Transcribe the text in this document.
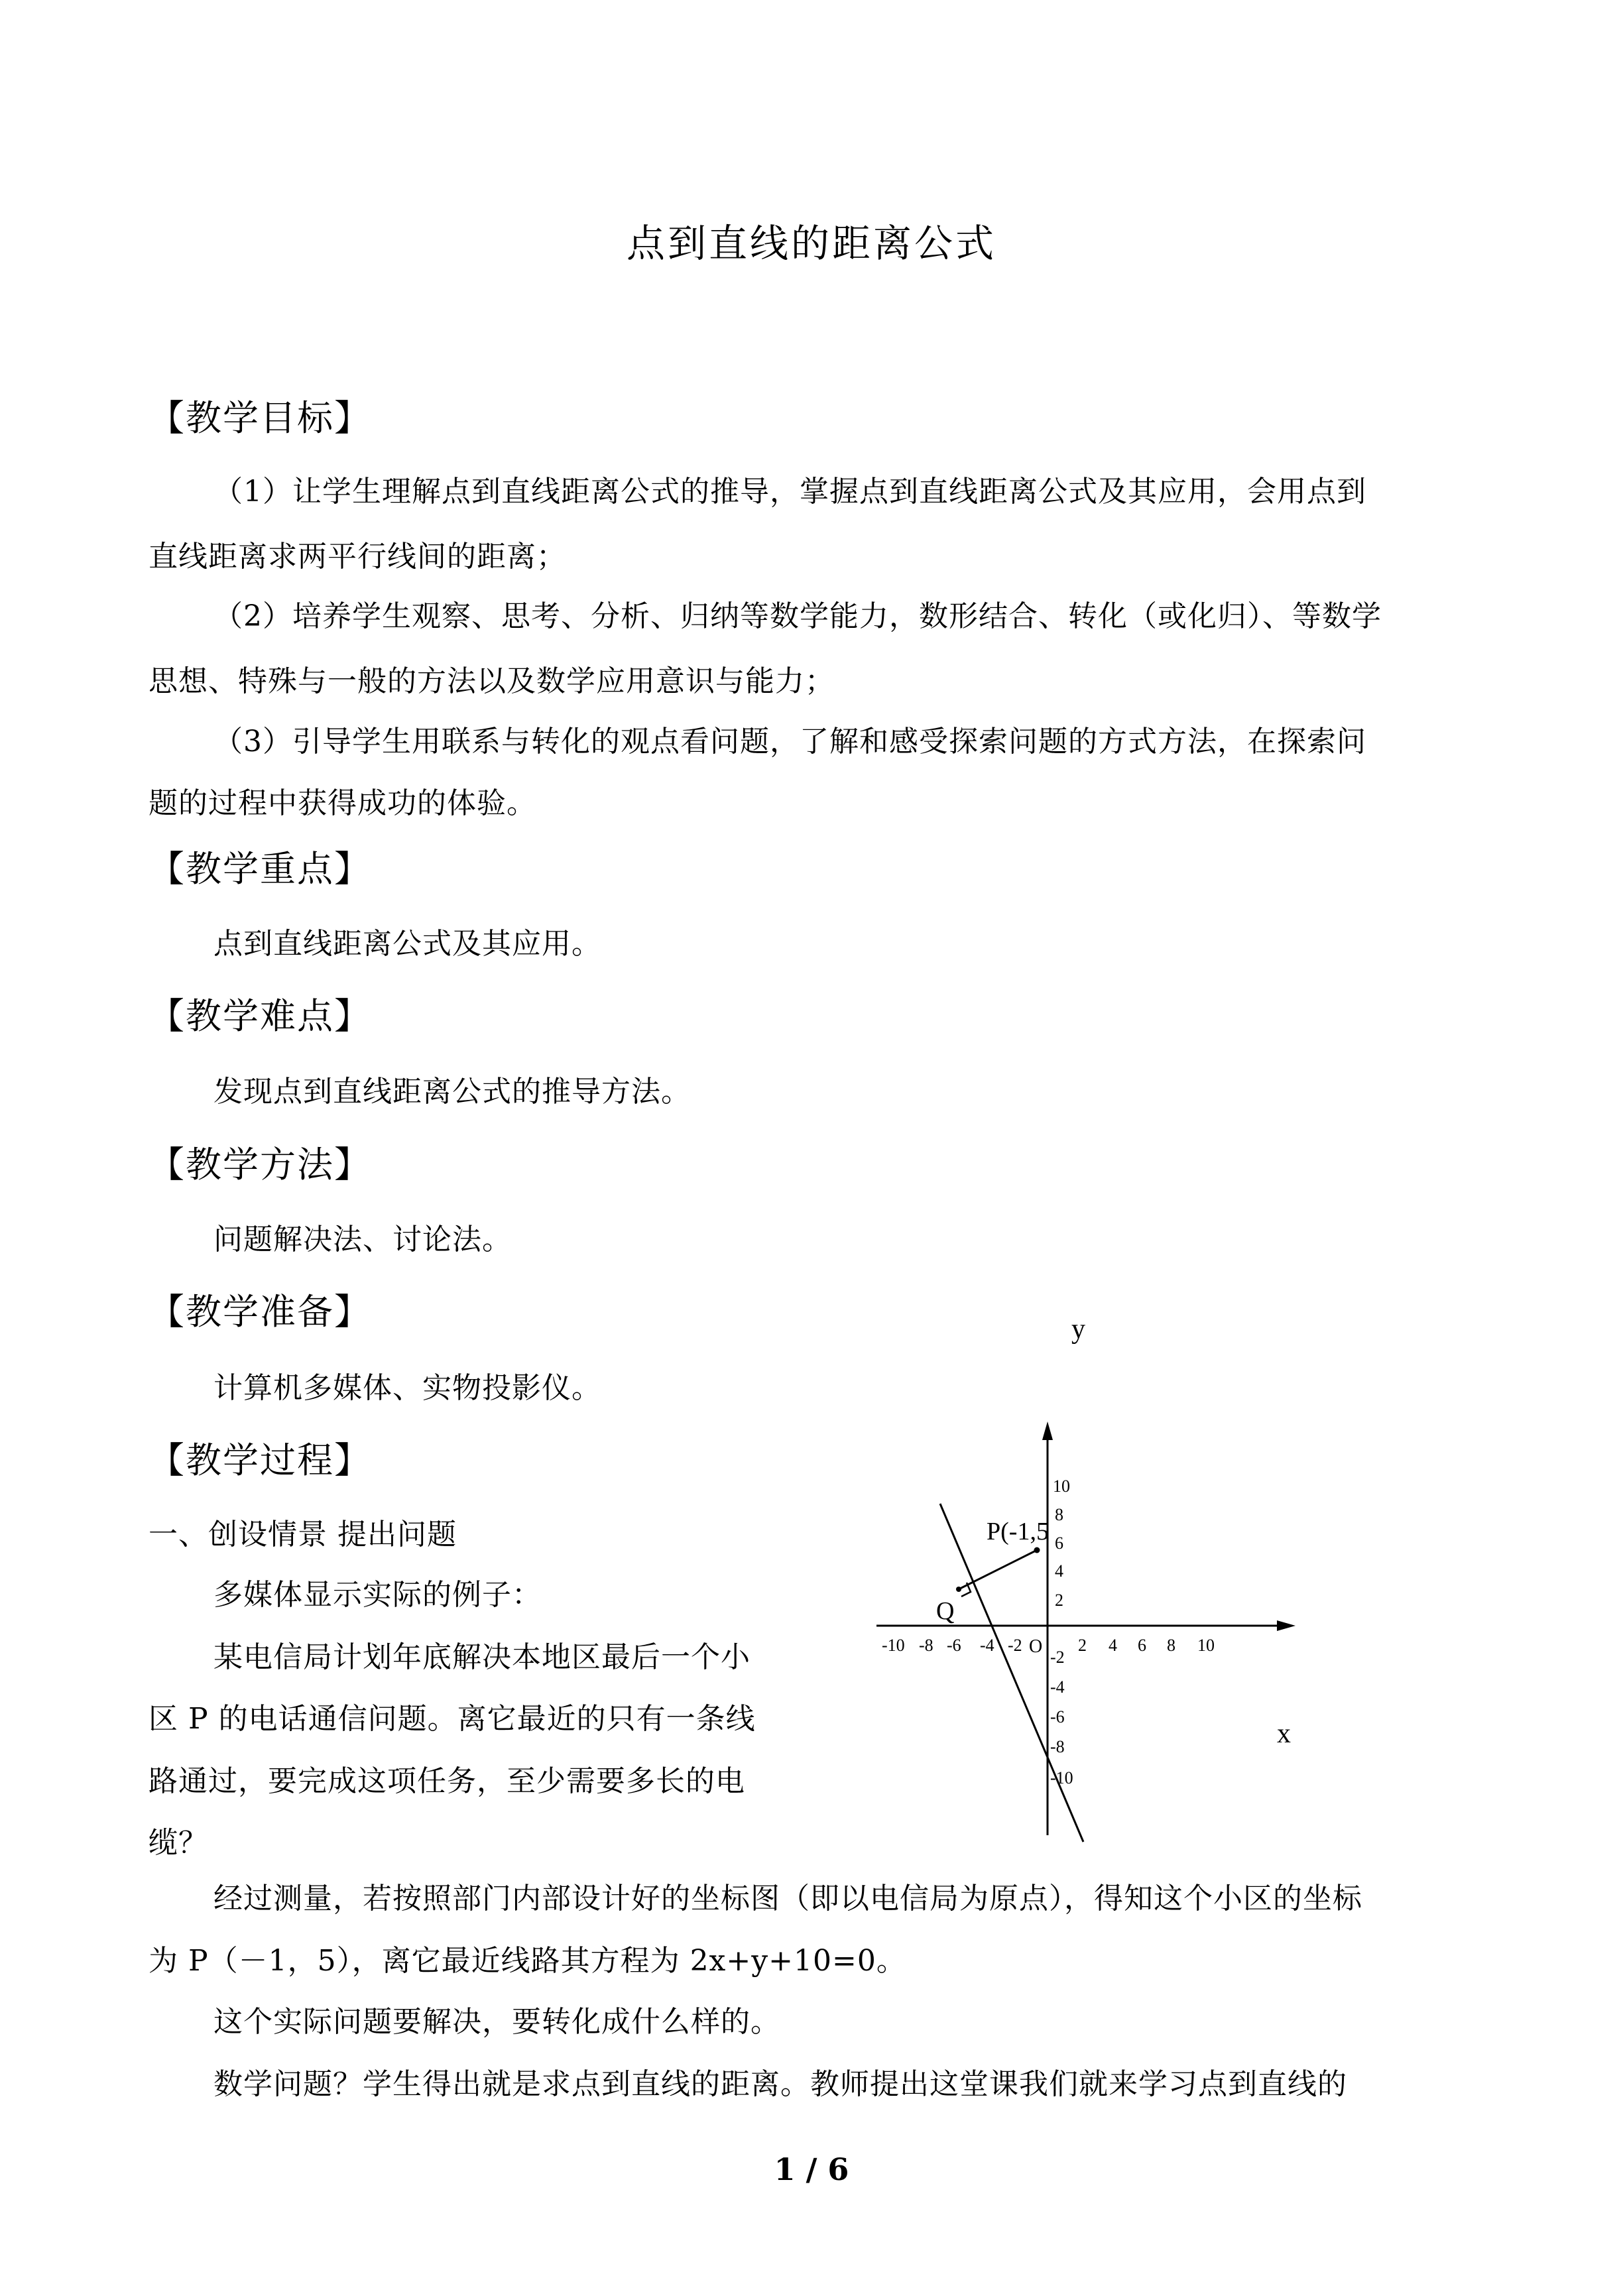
点到直线的距离公式
【教学目标】
（1）让学生理解点到直线距离公式的推导，掌握点到直线距离公式及其应用，会用点到
直线距离求两平行线间的距离；
（2）培养学生观察、思考、分析、归纳等数学能力，数形结合、转化（或化归）、等数学
思想、特殊与一般的方法以及数学应用意识与能力；
（3）引导学生用联系与转化的观点看问题，了解和感受探索问题的方式方法，在探索问
题的过程中获得成功的体验。
【教学重点】
点到直线距离公式及其应用。
【教学难点】
发现点到直线距离公式的推导方法。
【教学方法】
问题解决法、讨论法。
【教学准备】
计算机多媒体、实物投影仪。
【教学过程】
一、创设情景 提出问题
多媒体显示实际的例子：
某电信局计划年底解决本地区最后一个小
区 P 的电话通信问题。离它最近的只有一条线
路通过，要完成这项任务，至少需要多长的电
缆？
经过测量，若按照部门内部设计好的坐标图（即以电信局为原点），得知这个小区的坐标
为 P（－1，5），离它最近线路其方程为 2x+y+10=0。
这个实际问题要解决，要转化成什么样的。
数学问题？学生得出就是求点到直线的距离。教师提出这堂课我们就来学习点到直线的
y
x
10
8
6
4
2
-2
-4
-6
-8
-10
-10 -8 -6 -4 -2	2 4 6 8 10
O
P(-1,5
Q
1 / 6
